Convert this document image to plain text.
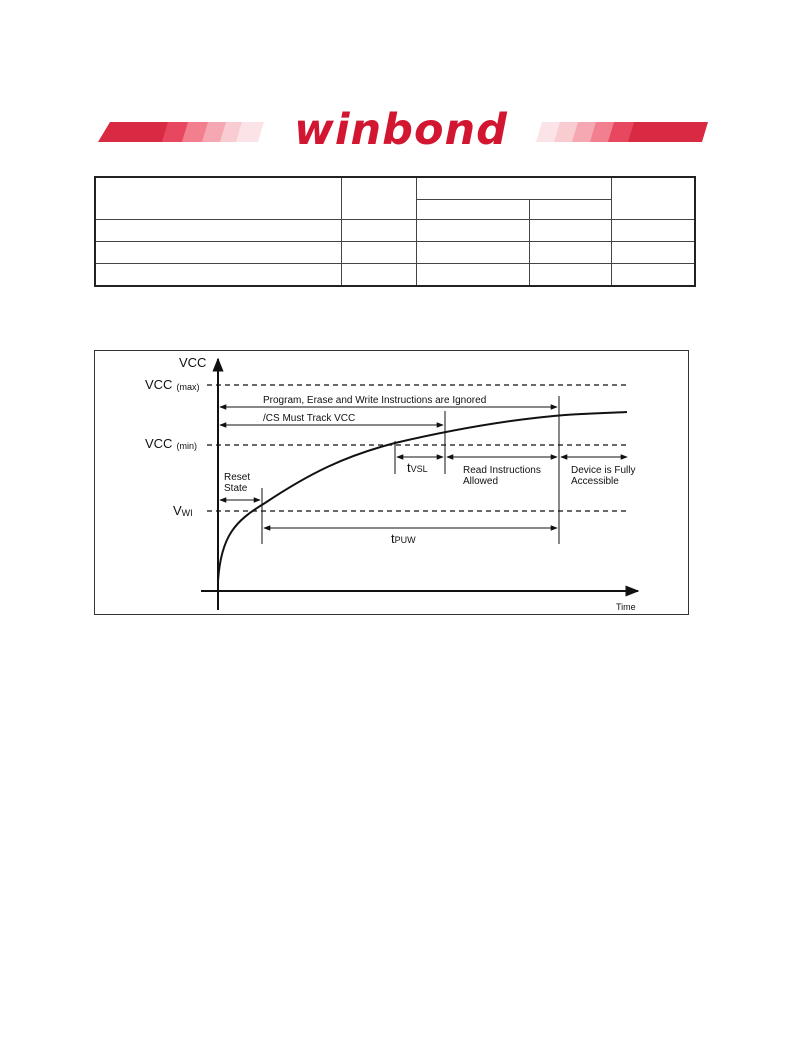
winbond

VCC
VCC (max)
VCC (min)
VWI
Program, Erase and Write Instructions are Ignored
/CS Must Track VCC
Reset State
tVSL	Read Instructions Allowed
Device is Fully Accessible
tPUW
Time
